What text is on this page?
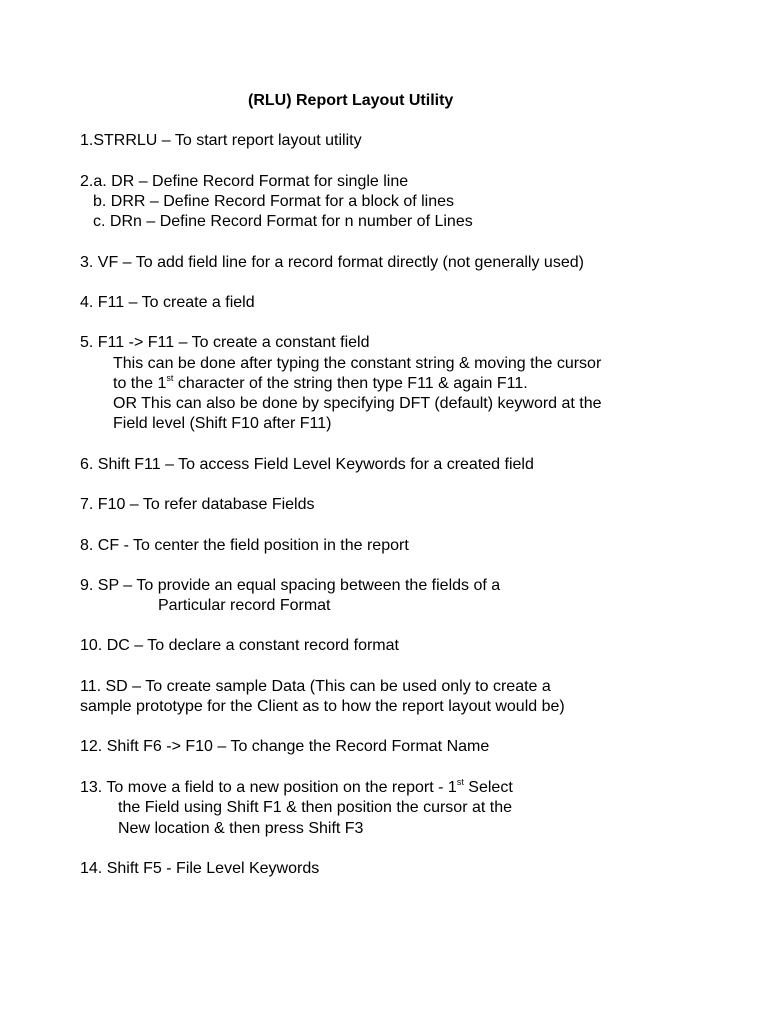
(RLU) Report Layout Utility
1.STRRLU – To start report layout utility
2.a. DR – Define Record Format for single line
b. DRR – Define Record Format for a block of lines
c. DRn – Define Record Format for n number of Lines
3. VF – To add field line for a record format directly (not generally used)
4. F11 – To create a field
5. F11 -> F11 – To create a constant field
This can be done after typing the constant string & moving the cursor
to the 1st character of the string then type F11 & again F11.
OR This can also be done by specifying DFT (default) keyword at the
Field level (Shift F10 after F11)
6. Shift F11 – To access Field Level Keywords for a created field
7. F10 – To refer database Fields
8. CF - To center the field position in the report
9. SP – To provide an equal spacing between the fields of a
Particular record Format
10. DC – To declare a constant record format
11. SD – To create sample Data (This can be used only to create a
sample prototype for the Client as to how the report layout would be)
12. Shift F6 -> F10 – To change the Record Format Name
13. To move a field to a new position on the report - 1st Select
the Field using Shift F1 & then position the cursor at the
New location & then press Shift F3
14. Shift F5 - File Level Keywords
